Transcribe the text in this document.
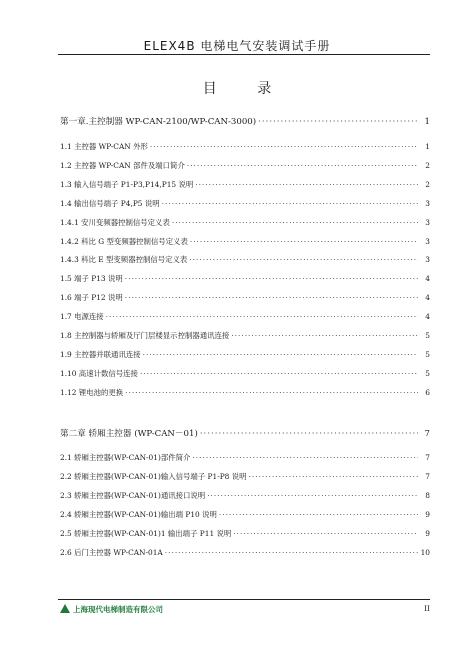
ELEX4B 电梯电气安装调试手册
目 录
第一章.主控制器 WP-CAN-2100/WP-CAN-3000) ·····	1
1.1 主控器 WP-CAN 外形 ·····	1
1.2 主控器 WP-CAN 部件及端口简介 ·····	2
1.3 输入信号端子 P1-P3,P14,P15 说明 ·····	2
1.4 输出信号端子 P4,P5 说明 ·····	3
1.4.1 安川变频器控制信号定义表 ·····	3
1.4.2 科比 G 型变频器控制信号定义表 ·····	3
1.4.3 科比 E 型变频器控制信号定义表 ·····	3
1.5 端子 P13 说明 ·····	4
1.6 端子 P12 说明 ·····	4
1.7 电源连接 ·····	4
1.8 主控制器与轿厢及厅门层楼显示控制器通讯连接 ·····	5
1.9 主控器并联通讯连接 ·····	5
1.10 高速计数信号连接 ·····	5
1.12 锂电池的更换 ·····	6
第二章 轿厢主控器 (WP-CAN－01) ·····	7
2.1 轿厢主控器(WP-CAN-01)部件简介 ·····	7
2.2 轿厢主控器(WP-CAN-01)输入信号端子 P1-P8 说明 ·····	7
2.3 轿厢主控器(WP-CAN-01)通讯接口说明 ·····	8
2.4 轿厢主控器(WP-CAN-01)输出端 P10 说明 ·····	9
2.5 轿厢主控器(WP-CAN-01)1 输出端子 P11 说明 ·····	9
2.6 后门主控器 WP-CAN-01A ·····	10
上海现代电梯制造有限公司	II
